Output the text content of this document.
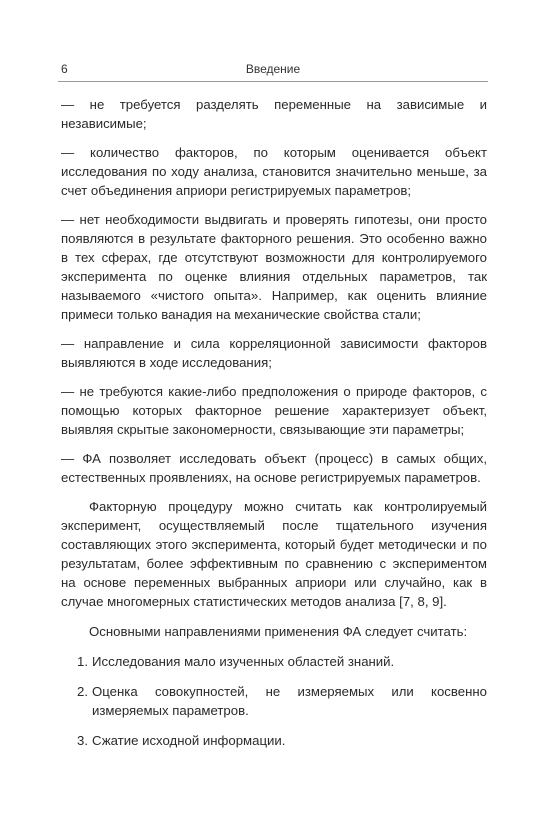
6	Введение
— не требуется разделять переменные на зависимые и независимые;
— количество факторов, по которым оценивается объект исследования по ходу анализа, становится значительно меньше, за счет объединения априори регистрируемых параметров;
— нет необходимости выдвигать и проверять гипотезы, они просто появляются в результате факторного решения. Это особенно важно в тех сферах, где отсутствуют возможности для контролируемого эксперимента по оценке влияния отдельных параметров, так называемого «чистого опыта». Например, как оценить влияние примеси только ванадия на механические свойства стали;
— направление и сила корреляционной зависимости факторов выявляются в ходе исследования;
— не требуются какие-либо предположения о природе факторов, с помощью которых факторное решение характеризует объект, выявляя скрытые закономерности, связывающие эти параметры;
— ФА позволяет исследовать объект (процесс) в самых общих, естественных проявлениях, на основе регистрируемых параметров.

Факторную процедуру можно считать как контролируемый эксперимент, осуществляемый после тщательного изучения составляющих этого эксперимента, который будет методически и по результатам, более эффективным по сравнению с экспериментом на основе переменных выбранных априори или случайно, как в случае многомерных статистических методов анализа [7, 8, 9].

Основными направлениями применения ФА следует считать:

1. Исследования мало изученных областей знаний.
2. Оценка совокупностей, не измеряемых или косвенно измеряемых параметров.
3. Сжатие исходной информации.
